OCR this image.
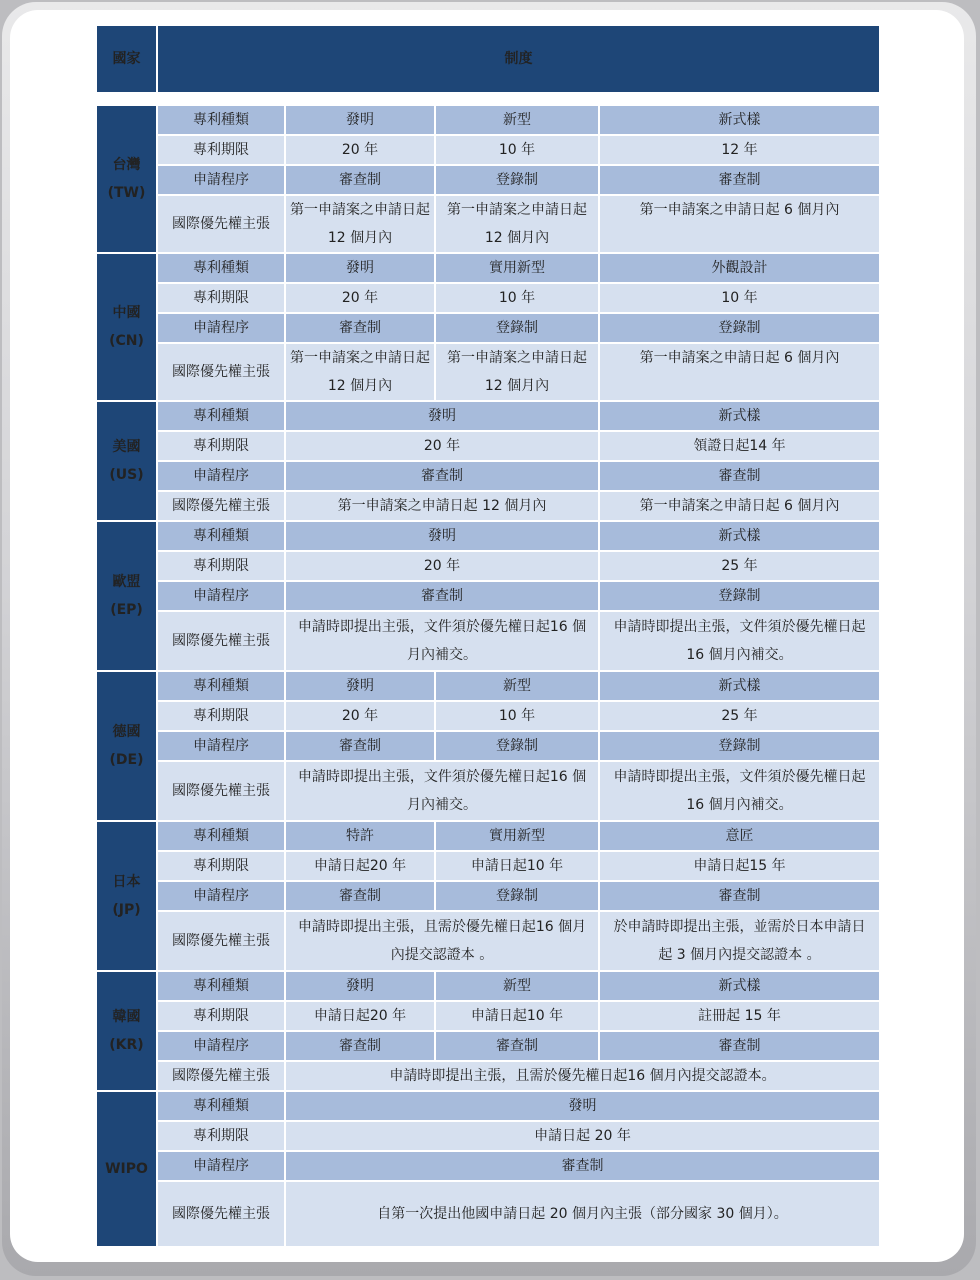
國家	制度			

台灣
(TW)	專利種類	發明	新型	新式樣
	專利期限	20 年	10 年	12 年
	申請程序	審查制	登錄制	審查制
	國際優先權主張	第一申請案之申請日起 12 個月內	第一申請案之申請日起 12 個月內	第一申請案之申請日起 6 個月內

中國
(CN)	專利種類	發明	實用新型	外觀設計
	專利期限	20 年	10 年	10 年
	申請程序	審查制	登錄制	登錄制
	國際優先權主張	第一申請案之申請日起 12 個月內	第一申請案之申請日起 12 個月內	第一申請案之申請日起 6 個月內

美國
(US)	專利種類	發明		新式樣
	專利期限	20 年		領證日起14 年
	申請程序	審查制		審查制
	國際優先權主張	第一申請案之申請日起 12 個月內		第一申請案之申請日起 6 個月內

歐盟
(EP)	專利種類	發明		新式樣
	專利期限	20 年		25 年
	申請程序	審查制		登錄制
	國際優先權主張	申請時即提出主張，文件須於優先權日起16 個月內補交。		申請時即提出主張，文件須於優先權日起 16 個月內補交。

德國
(DE)	專利種類	發明	新型	新式樣
	專利期限	20 年	10 年	25 年
	申請程序	審查制	登錄制	登錄制
	國際優先權主張	申請時即提出主張，文件須於優先權日起16 個月內補交。		申請時即提出主張，文件須於優先權日起 16 個月內補交。

日本
(JP)	專利種類	特許	實用新型	意匠
	專利期限	申請日起20 年	申請日起10 年	申請日起15 年
	申請程序	審查制	登錄制	審查制
	國際優先權主張	申請時即提出主張，且需於優先權日起16 個月內提交認證本 。		於申請時即提出主張，並需於日本申請日起 3 個月內提交認證本 。

韓國
(KR)	專利種類	發明	新型	新式樣
	專利期限	申請日起20 年	申請日起10 年	註冊起 15 年
	申請程序	審查制	審查制	審查制
	國際優先權主張	申請時即提出主張，且需於優先權日起16 個月內提交認證本。		

WIPO	專利種類	發明		
	專利期限	申請日起 20 年		
	申請程序	審查制		
	國際優先權主張	自第一次提出他國申請日起 20 個月內主張（部分國家 30 個月）。		
